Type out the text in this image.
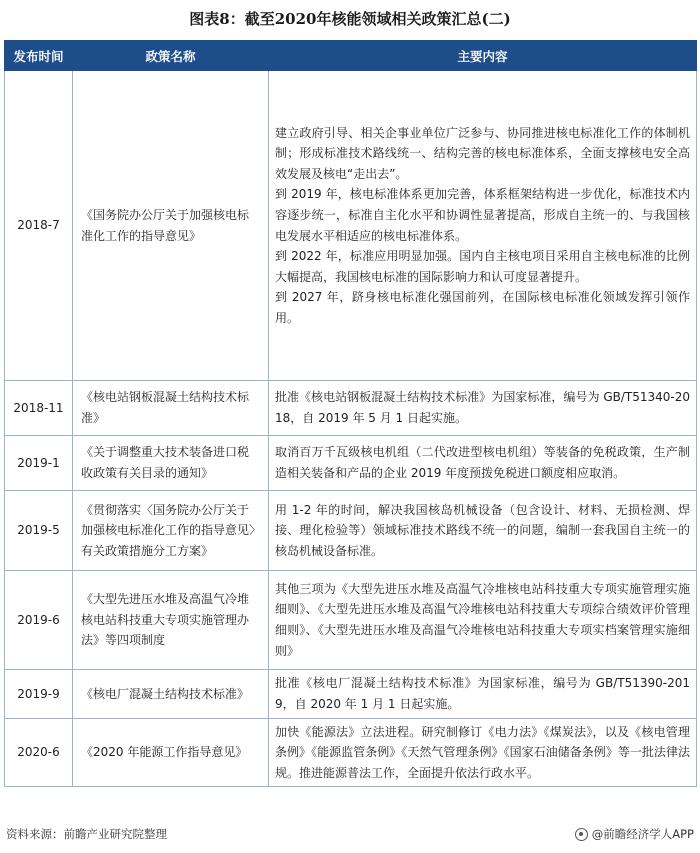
图表8：截至2020年核能领域相关政策汇总(二)
发布时间	政策名称	主要内容
2018-7	《国务院办公厅关于加强核电标准化工作的指导意见》	建立政府引导、相关企事业单位广泛参与、协同推进核电标准化工作的体制机制；形成标准技术路线统一、结构完善的核电标准体系，全面支撑核电安全高效发展及核电“走出去”。

到 2019 年，核电标准体系更加完善，体系框架结构进一步优化，标准技术内容逐步统一，标准自主化水平和协调性显著提高，形成自主统一的、与我国核电发展水平相适应的核电标准体系。

到 2022 年，标准应用明显加强。国内自主核电项目采用自主核电标准的比例大幅提高，我国核电标准的国际影响力和认可度显著提升。

到 2027 年，跻身核电标准化强国前列，在国际核电标准化领域发挥引领作用。

2018-11	《核电站钢板混凝土结构技术标准》	批准《核电站钢板混凝土结构技术标准》为国家标准，编号为 GB/T51340-2018，自 2019 年 5 月 1 日起实施。

2019-1	《关于调整重大技术装备进口税收政策有关目录的通知》	取消百万千瓦级核电机组（二代改进型核电机组）等装备的免税政策，生产制造相关装备和产品的企业 2019 年度预拨免税进口额度相应取消。

2019-5	《贯彻落实〈国务院办公厅关于加强核电标准化工作的指导意见〉有关政策措施分工方案》	用 1-2 年的时间，解决我国核岛机械设备（包含设计、材料、无损检测、焊接、理化检验等）领域标准技术路线不统一的问题，编制一套我国自主统一的核岛机械设备标准。

2019-6	《大型先进压水堆及高温气冷堆核电站科技重大专项实施管理办法》等四项制度	其他三项为《大型先进压水堆及高温气冷堆核电站科技重大专项实施管理实施细则》、《大型先进压水堆及高温气冷堆核电站科技重大专项综合绩效评价管理细则》、《大型先进压水堆及高温气冷堆核电站科技重大专项实档案管理实施细则》

2019-9	《核电厂混凝土结构技术标准》	批准《核电厂混凝土结构技术标准》为国家标准，编号为 GB/T51390-2019，自 2020 年 1 月 1 日起实施。

2020-6	《2020 年能源工作指导意见》	加快《能源法》立法进程。研究制修订《电力法》《煤炭法》，以及《核电管理条例》《能源监管条例》《天然气管理条例》《国家石油储备条例》等一批法律法规。推进能源普法工作，全面提升依法行政水平。

资料来源：前瞻产业研究院整理	@前瞻经济学人APP
